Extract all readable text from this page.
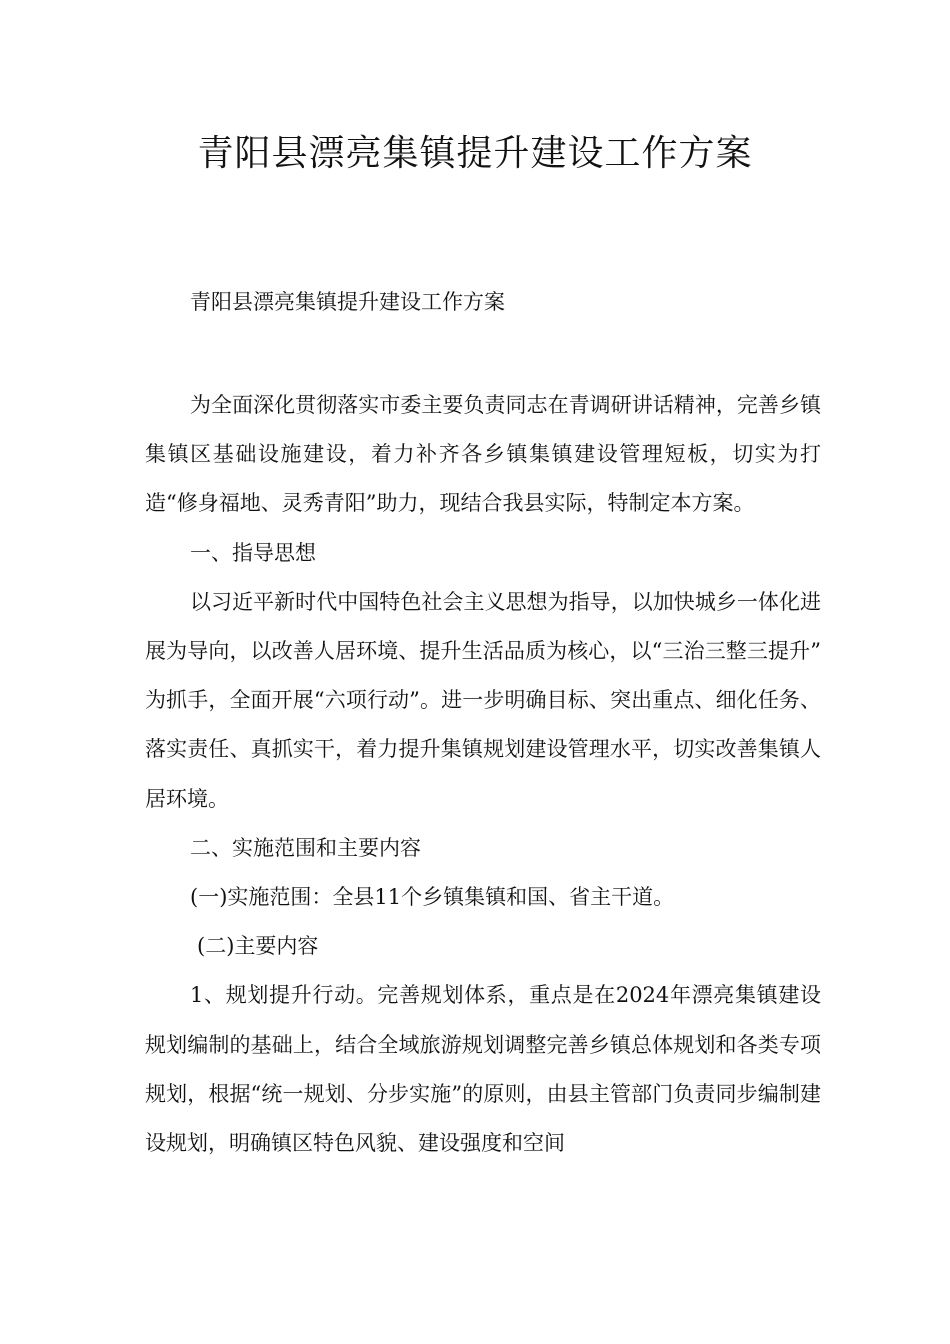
青阳县漂亮集镇提升建设工作方案

青阳县漂亮集镇提升建设工作方案

为全面深化贯彻落实市委主要负责同志在青调研讲话精神，完善乡镇集镇区基础设施建设，着力补齐各乡镇集镇建设管理短板，切实为打造“修身福地、灵秀青阳”助力，现结合我县实际，特制定本方案。

一、指导思想

以习近平新时代中国特色社会主义思想为指导，以加快城乡一体化进展为导向，以改善人居环境、提升生活品质为核心，以“三治三整三提升” 为抓手，全面开展“六项行动”。进一步明确目标、突出重点、细化任务、落实责任、真抓实干，着力提升集镇规划建设管理水平，切实改善集镇人居环境。

二、实施范围和主要内容

(一)实施范围：全县11个乡镇集镇和国、省主干道。

(二)主要内容

1、规划提升行动。完善规划体系，重点是在2024年漂亮集镇建设规划编制的基础上，结合全域旅游规划调整完善乡镇总体规划和各类专项规划，根据“统一规划、分步实施”的原则，由县主管部门负责同步编制建设规划，明确镇区特色风貌、建设强度和空间
